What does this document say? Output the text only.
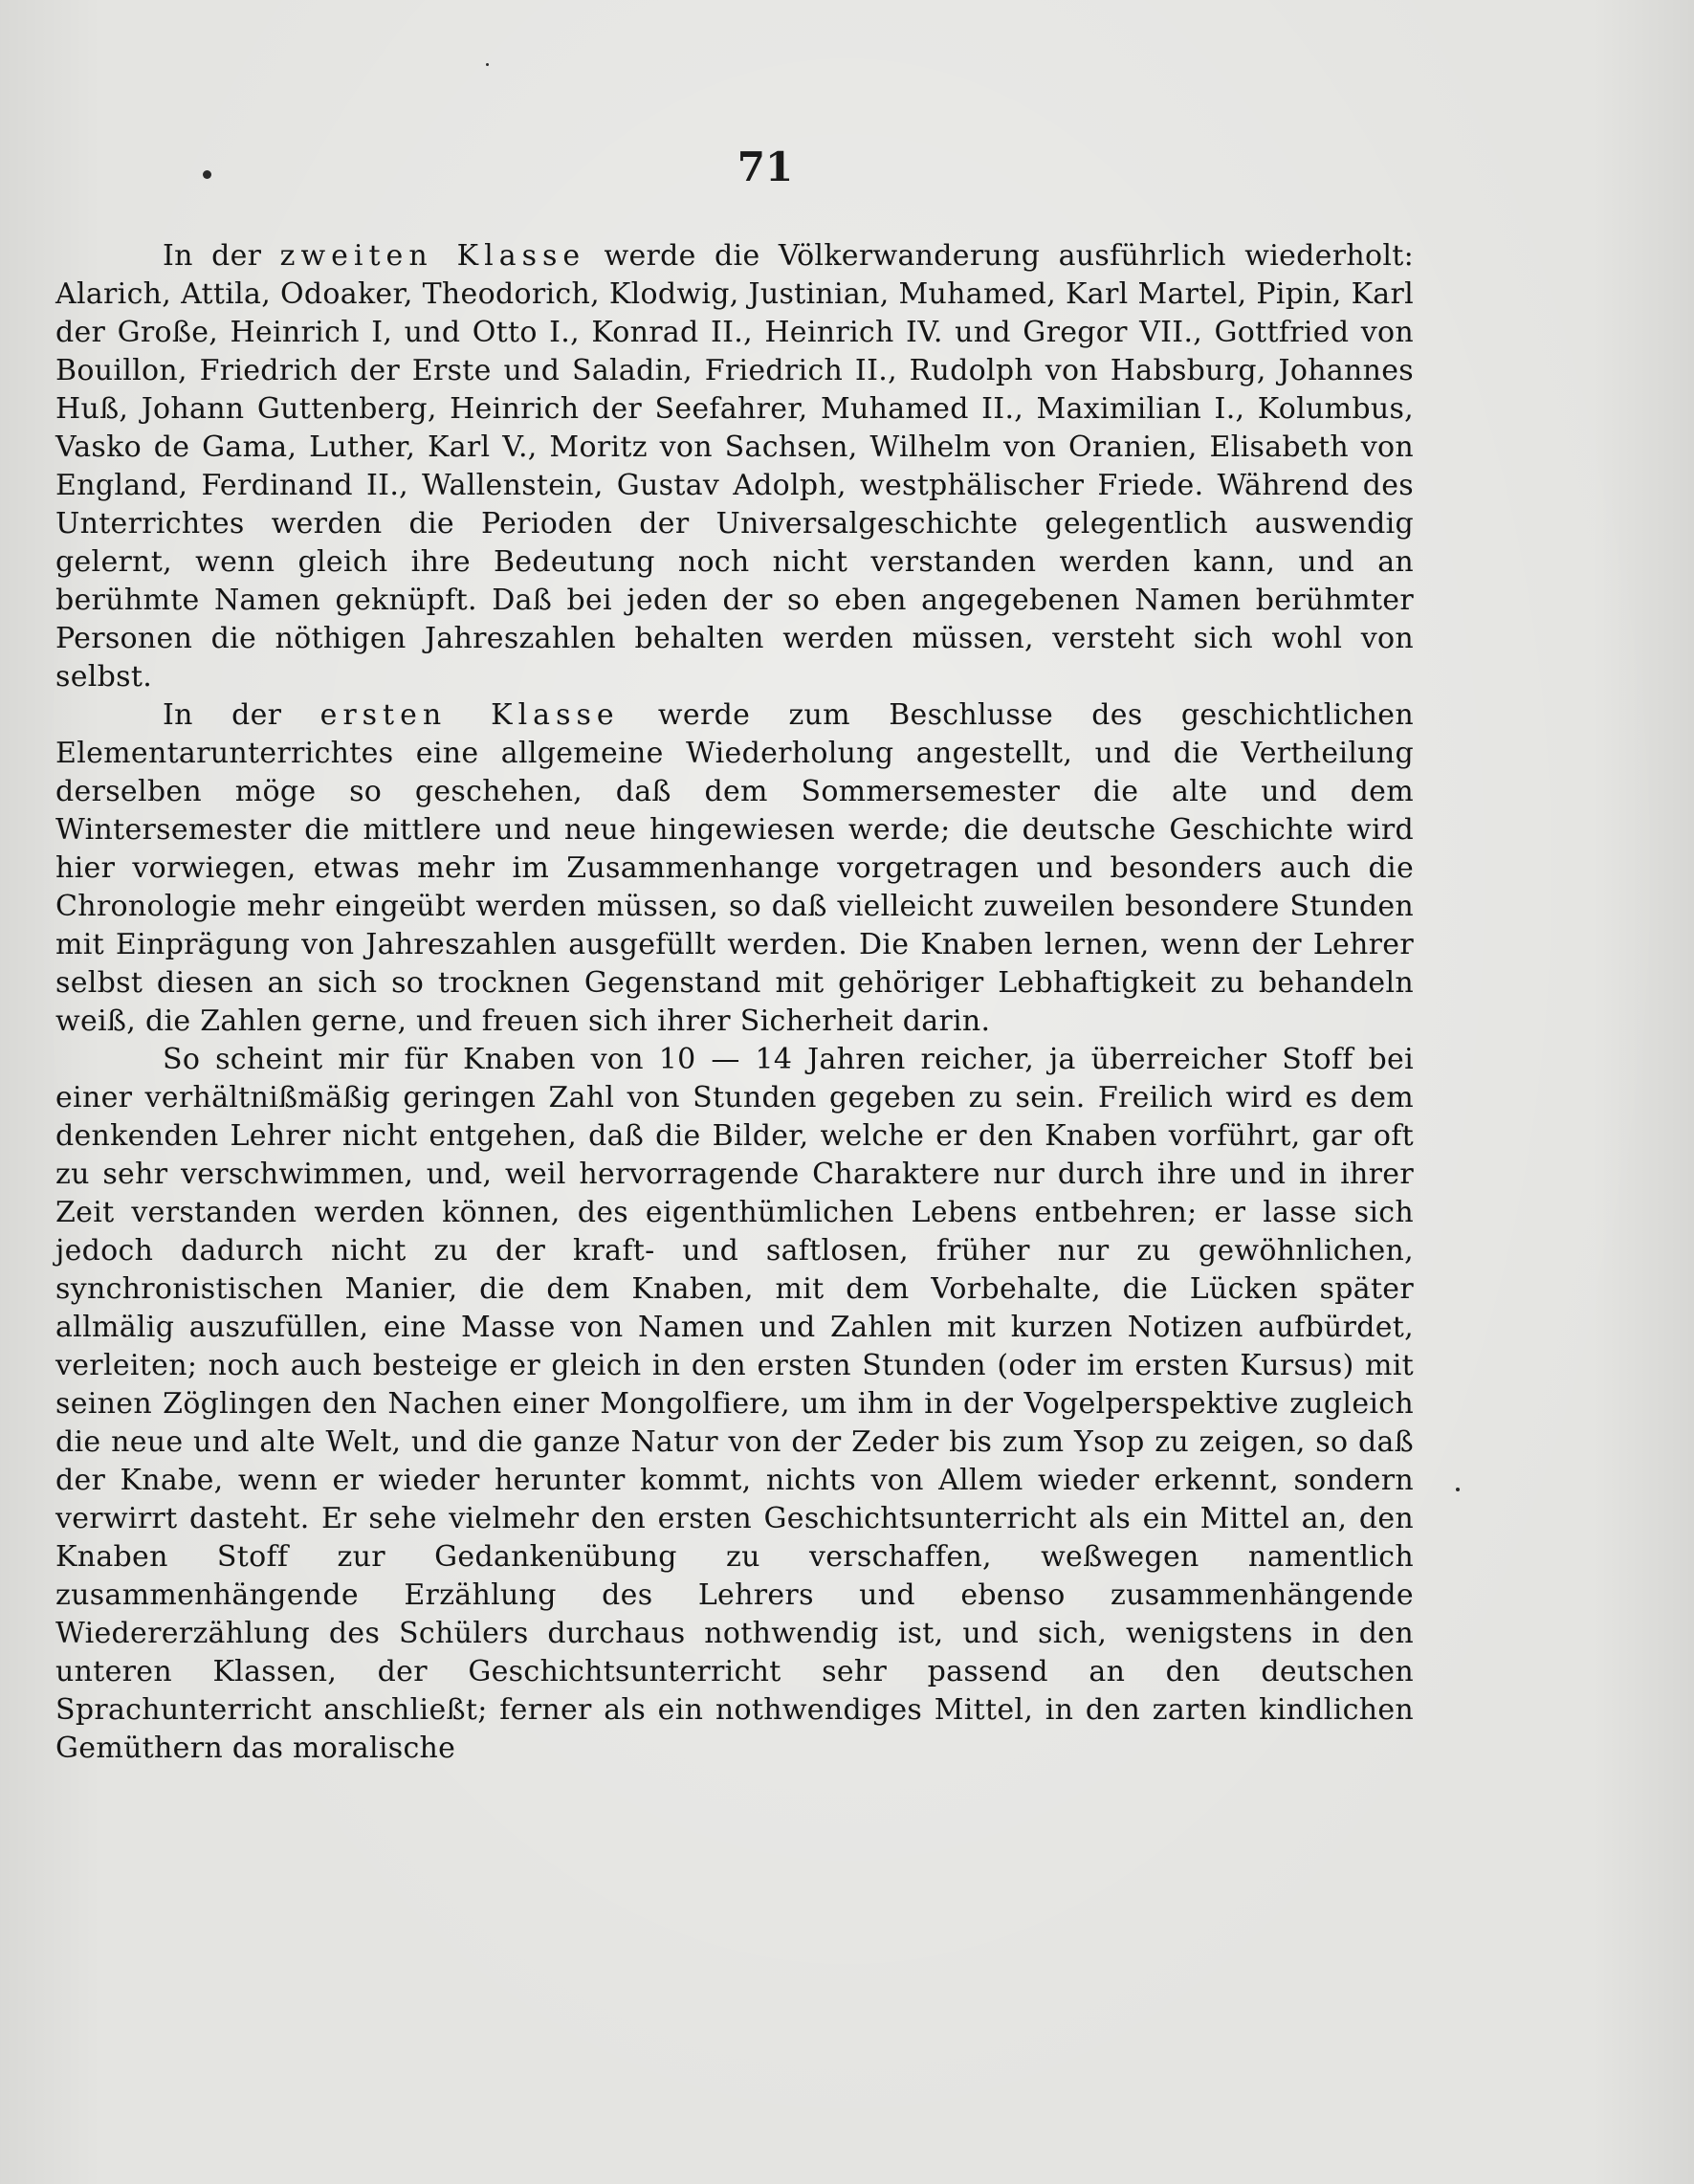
71

In der zweiten Klasse werde die Völkerwanderung ausführlich wiederholt: Alarich, Attila, Odoaker, Theodorich, Klodwig, Justinian, Muhamed, Karl Martel, Pipin, Karl der Große, Heinrich I, und Otto I., Konrad II., Heinrich IV. und Gregor VII., Gottfried von Bouillon, Friedrich der Erste und Saladin, Friedrich II., Rudolph von Habsburg, Johannes Huß, Johann Guttenberg, Heinrich der Seefahrer, Muhamed II., Maximilian I., Kolumbus, Vasko de Gama, Luther, Karl V., Moritz von Sachsen, Wilhelm von Oranien, Elisabeth von England, Ferdinand II., Wallenstein, Gustav Adolph, westphälischer Friede. Während des Unterrichtes werden die Perioden der Universalgeschichte gelegentlich auswendig gelernt, wenn gleich ihre Bedeutung noch nicht verstanden werden kann, und an berühmte Namen geknüpft. Daß bei jeden der so eben angegebenen Namen berühmter Personen die nöthigen Jahreszahlen behalten werden müssen, versteht sich wohl von selbst.

In der ersten Klasse werde zum Beschlusse des geschichtlichen Elementarunterrichtes eine allgemeine Wiederholung angestellt, und die Vertheilung derselben möge so geschehen, daß dem Sommersemester die alte und dem Wintersemester die mittlere und neue hingewiesen werde; die deutsche Geschichte wird hier vorwiegen, etwas mehr im Zusammenhange vorgetragen und besonders auch die Chronologie mehr eingeübt werden müssen, so daß vielleicht zuweilen besondere Stunden mit Einprägung von Jahreszahlen ausgefüllt werden. Die Knaben lernen, wenn der Lehrer selbst diesen an sich so trocknen Gegenstand mit gehöriger Lebhaftigkeit zu behandeln weiß, die Zahlen gerne, und freuen sich ihrer Sicherheit darin.

So scheint mir für Knaben von 10 — 14 Jahren reicher, ja überreicher Stoff bei einer verhältnißmäßig geringen Zahl von Stunden gegeben zu sein. Freilich wird es dem denkenden Lehrer nicht entgehen, daß die Bilder, welche er den Knaben vorführt, gar oft zu sehr verschwimmen, und, weil hervorragende Charaktere nur durch ihre und in ihrer Zeit verstanden werden können, des eigenthümlichen Lebens entbehren; er lasse sich jedoch dadurch nicht zu der kraft- und saftlosen, früher nur zu gewöhnlichen, synchronistischen Manier, die dem Knaben, mit dem Vorbehalte, die Lücken später allmälig auszufüllen, eine Masse von Namen und Zahlen mit kurzen Notizen aufbürdet, verleiten; noch auch besteige er gleich in den ersten Stunden (oder im ersten Kursus) mit seinen Zöglingen den Nachen einer Mongolfiere, um ihm in der Vogelperspektive zugleich die neue und alte Welt, und die ganze Natur von der Zeder bis zum Ysop zu zeigen, so daß der Knabe, wenn er wieder herunter kommt, nichts von Allem wieder erkennt, sondern verwirrt dasteht. Er sehe vielmehr den ersten Geschichtsunterricht als ein Mittel an, den Knaben Stoff zur Gedankenübung zu verschaffen, weßwegen namentlich zusammenhängende Erzählung des Lehrers und ebenso zusammenhängende Wiedererzählung des Schülers durchaus nothwendig ist, und sich, wenigstens in den unteren Klassen, der Geschichtsunterricht sehr passend an den deutschen Sprachunterricht anschließt; ferner als ein nothwendiges Mittel, in den zarten kindlichen Gemüthern das moralische
